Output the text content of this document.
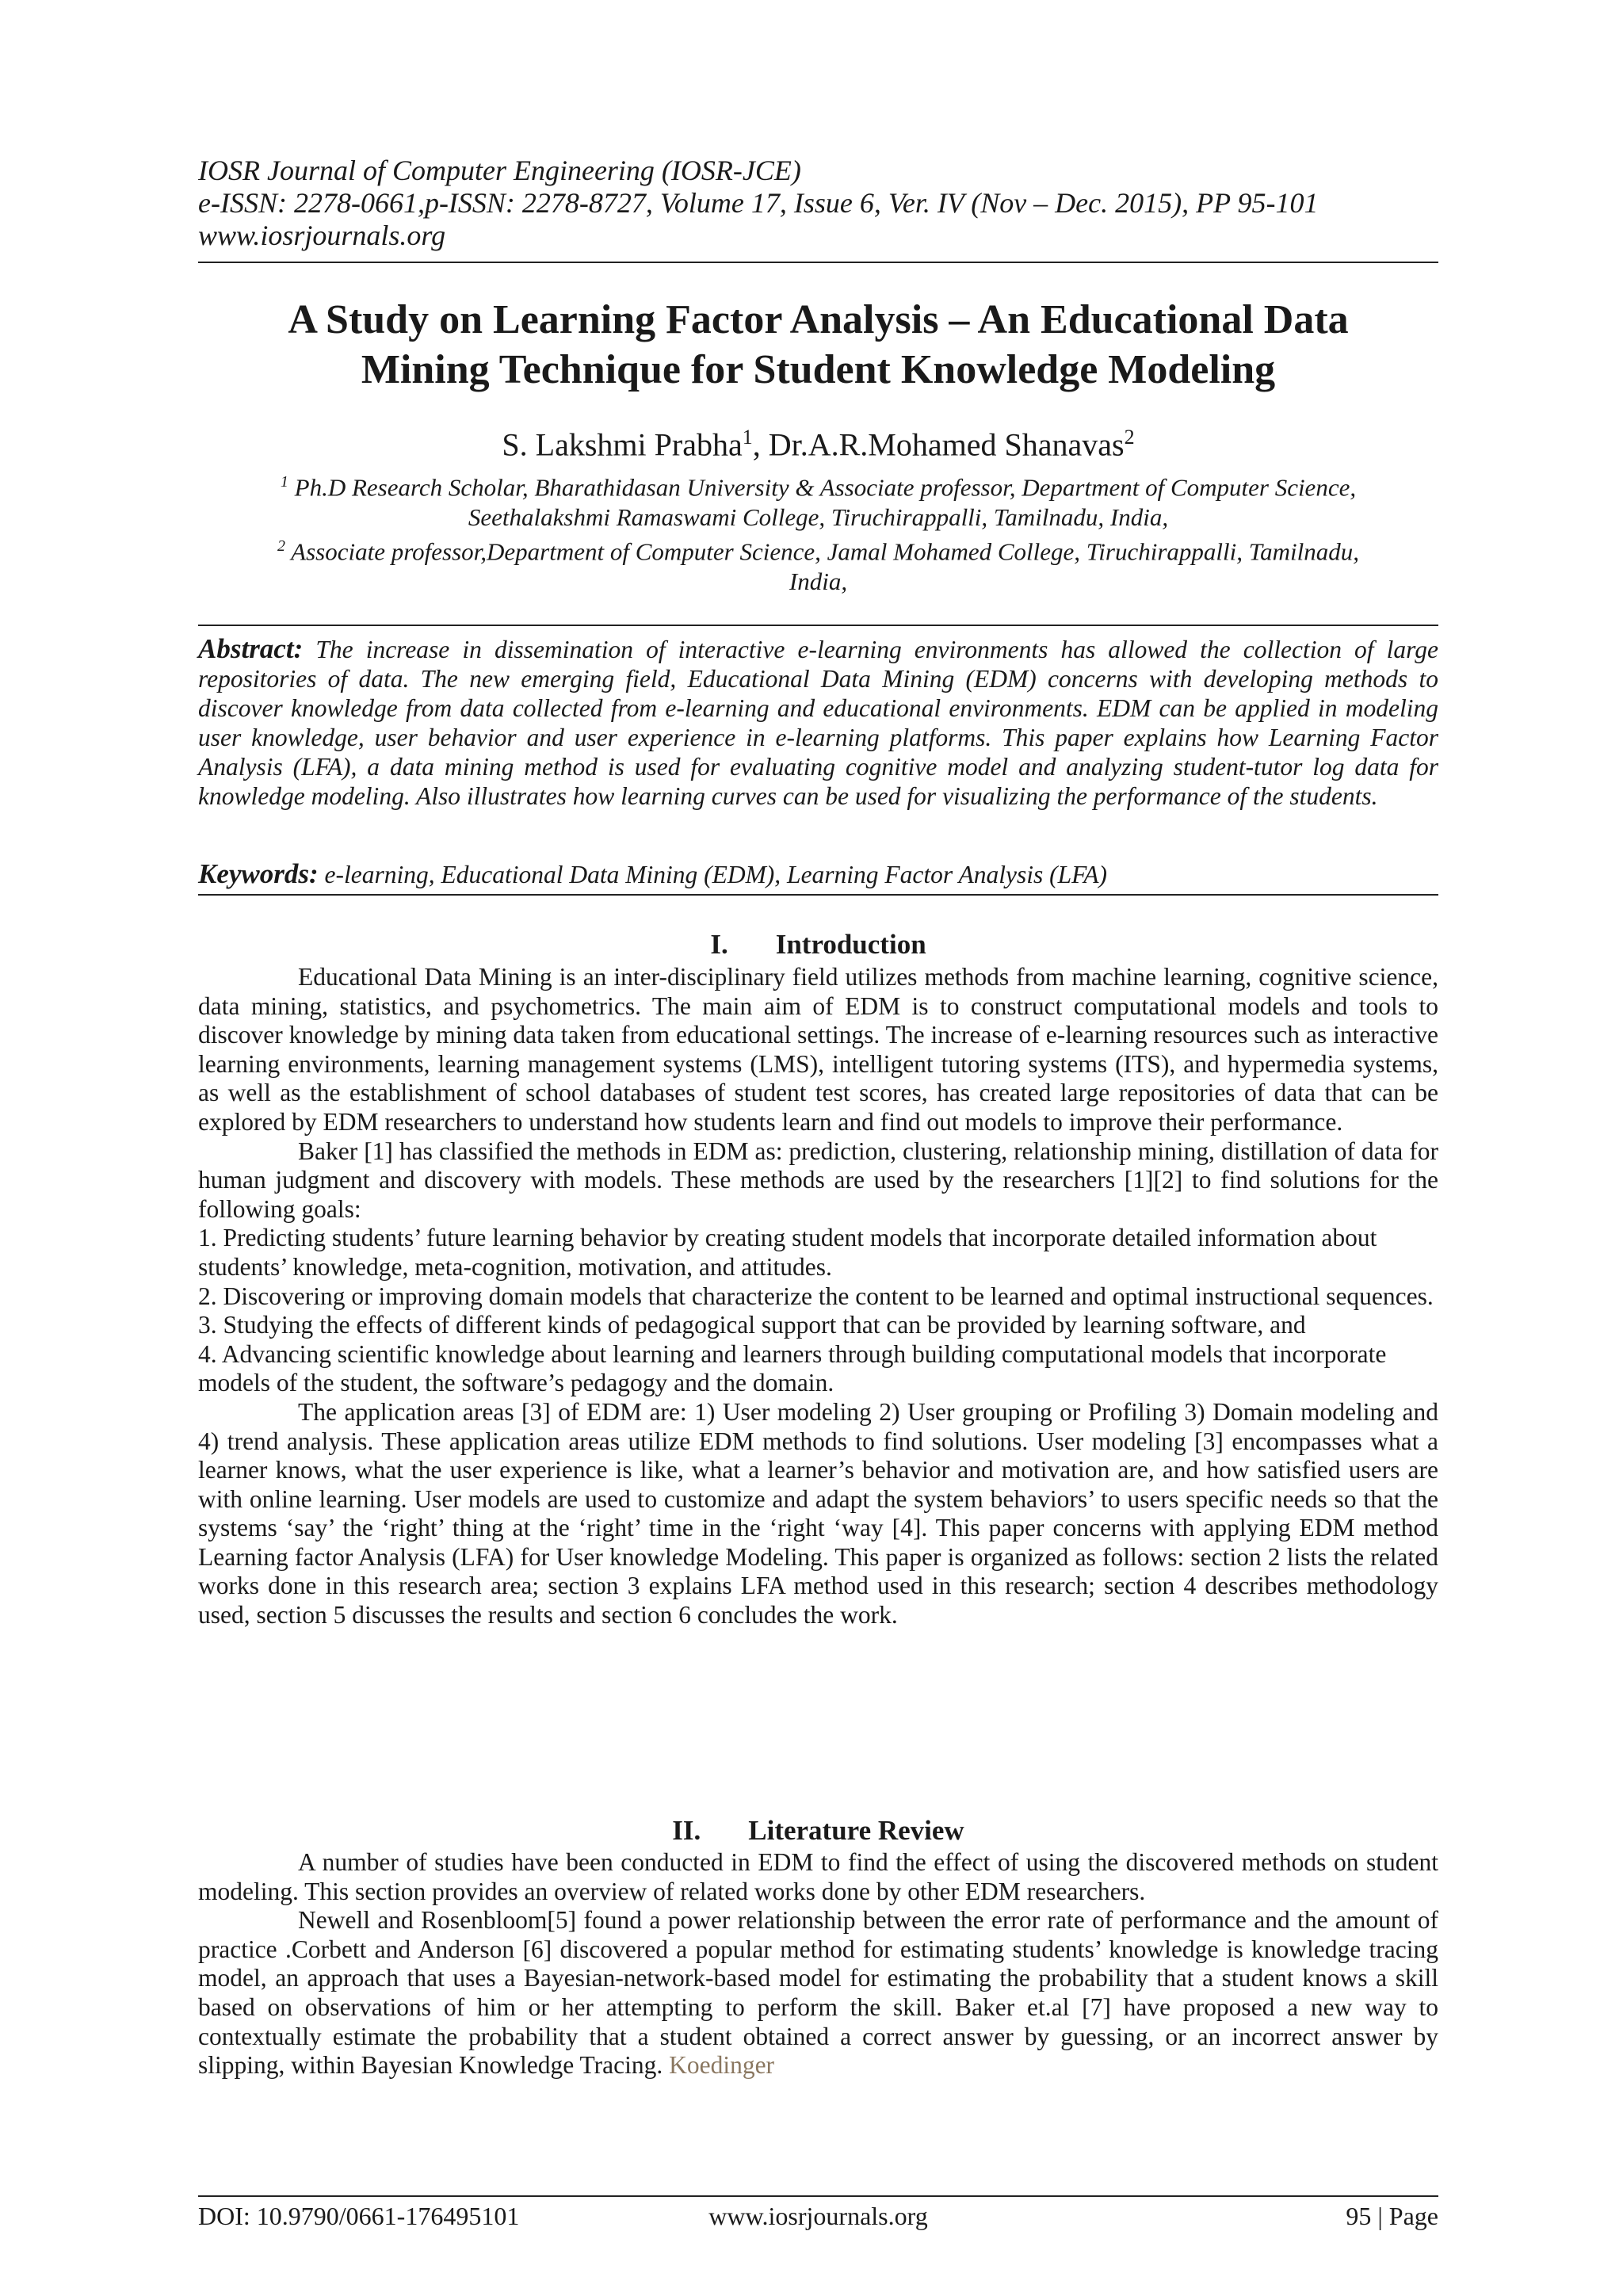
IOSR Journal of Computer Engineering (IOSR-JCE)
e-ISSN: 2278-0661,p-ISSN: 2278-8727, Volume 17, Issue 6, Ver. IV (Nov – Dec. 2015), PP 95-101
www.iosrjournals.org
A Study on Learning Factor Analysis – An Educational Data
Mining Technique for Student Knowledge Modeling
S. Lakshmi Prabha$^1$, Dr.A.R.Mohamed Shanavas$^2$
$^1$ Ph.D Research Scholar, Bharathidasan University & Associate professor, Department of Computer Science,
Seethalakshmi Ramaswami College, Tiruchirappalli, Tamilnadu, India,
$^2$ Associate professor,Department of Computer Science, Jamal Mohamed College, Tiruchirappalli, Tamilnadu,
India,
Abstract: The increase in dissemination of interactive e-learning environments has allowed the collection of large repositories of data. The new emerging field, Educational Data Mining (EDM) concerns with developing methods to discover knowledge from data collected from e-learning and educational environments. EDM can be applied in modeling user knowledge, user behavior and user experience in e-learning platforms. This paper explains how Learning Factor Analysis (LFA), a data mining method is used for evaluating cognitive model and analyzing student-tutor log data for knowledge modeling. Also illustrates how learning curves can be used for visualizing the performance of the students.
Keywords: e-learning, Educational Data Mining (EDM), Learning Factor Analysis (LFA)
I. Introduction

Educational Data Mining is an inter-disciplinary field utilizes methods from machine learning, cognitive science, data mining, statistics, and psychometrics. The main aim of EDM is to construct computational models and tools to discover knowledge by mining data taken from educational settings. The increase of e-learning resources such as interactive learning environments, learning management systems (LMS), intelligent tutoring systems (ITS), and hypermedia systems, as well as the establishment of school databases of student test scores, has created large repositories of data that can be explored by EDM researchers to understand how students learn and find out models to improve their performance.

Baker [1] has classified the methods in EDM as: prediction, clustering, relationship mining, distillation of data for human judgment and discovery with models. These methods are used by the researchers [1][2] to find solutions for the following goals:

1. Predicting students’ future learning behavior by creating student models that incorporate detailed information about students’ knowledge, meta-cognition, motivation, and attitudes.

2. Discovering or improving domain models that characterize the content to be learned and optimal instructional sequences.

3. Studying the effects of different kinds of pedagogical support that can be provided by learning software, and

4. Advancing scientific knowledge about learning and learners through building computational models that incorporate models of the student, the software’s pedagogy and the domain.

The application areas [3] of EDM are: 1) User modeling 2) User grouping or Profiling 3) Domain modeling and 4) trend analysis. These application areas utilize EDM methods to find solutions. User modeling [3] encompasses what a learner knows, what the user experience is like, what a learner’s behavior and motivation are, and how satisfied users are with online learning. User models are used to customize and adapt the system behaviors’ to users specific needs so that the systems ‘say’ the ‘right’ thing at the ‘right’ time in the ‘right ‘way [4]. This paper concerns with applying EDM method Learning factor Analysis (LFA) for User knowledge Modeling. This paper is organized as follows: section 2 lists the related works done in this research area; section 3 explains LFA method used in this research; section 4 describes methodology used, section 5 discusses the results and section 6 concludes the work.

II. Literature Review

A number of studies have been conducted in EDM to find the effect of using the discovered methods on student modeling. This section provides an overview of related works done by other EDM researchers.

Newell and Rosenbloom[5] found a power relationship between the error rate of performance and the amount of practice .Corbett and Anderson [6] discovered a popular method for estimating students’ knowledge is knowledge tracing model, an approach that uses a Bayesian-network-based model for estimating the probability that a student knows a skill based on observations of him or her attempting to perform the skill. Baker et.al [7] have proposed a new way to contextually estimate the probability that a student obtained a correct answer by guessing, or an incorrect answer by slipping, within Bayesian Knowledge Tracing. Koedinger

DOI: 10.9790/0661-176495101	www.iosrjournals.org	95 | Page
